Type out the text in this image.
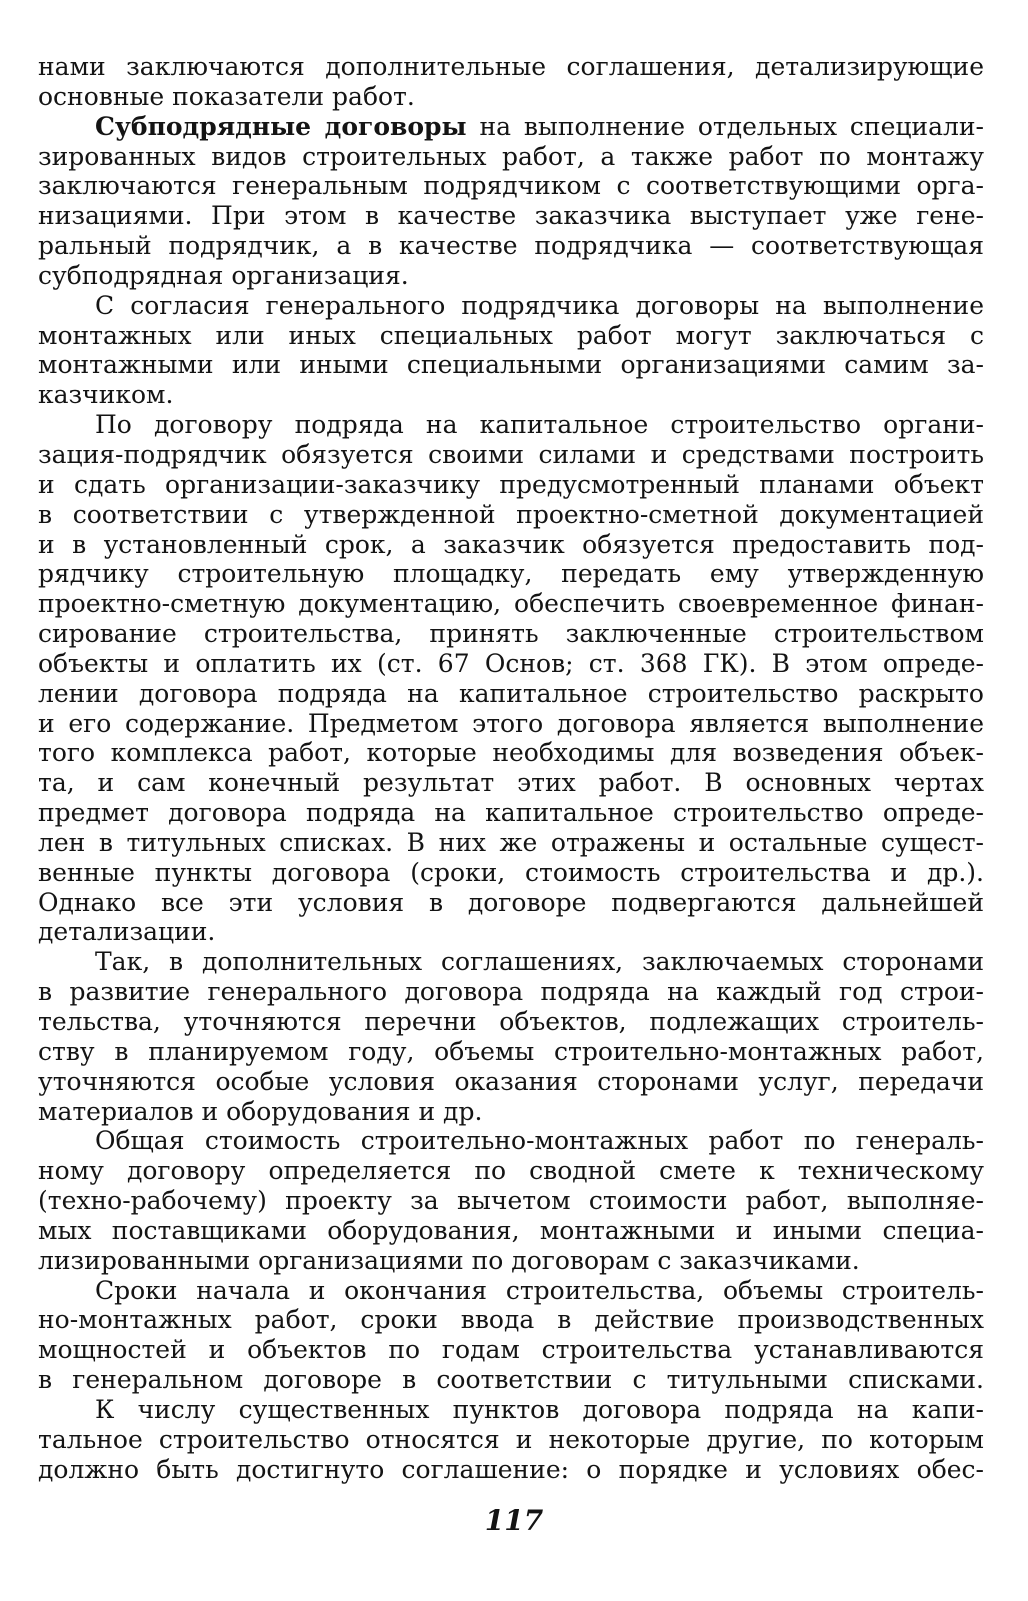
нами заключаются дополнительные соглашения, детализирующие
основные показатели работ.
Субподрядные договоры на выполнение отдельных специали-
зированных видов строительных работ, а также работ по монтажу
заключаются генеральным подрядчиком с соответствующими орга-
низациями. При этом в качестве заказчика выступает уже гене-
ральный подрядчик, а в качестве подрядчика — соответствующая
субподрядная организация.
С согласия генерального подрядчика договоры на выполнение
монтажных или иных специальных работ могут заключаться с
монтажными или иными специальными организациями самим за-
казчиком.
По договору подряда на капитальное строительство органи-
зация-подрядчик обязуется своими силами и средствами построить
и сдать организации-заказчику предусмотренный планами объект
в соответствии с утвержденной проектно-сметной документацией
и в установленный срок, а заказчик обязуется предоставить под-
рядчику строительную площадку, передать ему утвержденную
проектно-сметную документацию, обеспечить своевременное финан-
сирование строительства, принять заключенные строительством
объекты и оплатить их (ст. 67 Основ; ст. 368 ГК). В этом опреде-
лении договора подряда на капитальное строительство раскрыто
и его содержание. Предметом этого договора является выполнение
того комплекса работ, которые необходимы для возведения объек-
та, и сам конечный результат этих работ. В основных чертах
предмет договора подряда на капитальное строительство опреде-
лен в титульных списках. В них же отражены и остальные сущест-
венные пункты договора (сроки, стоимость строительства и др.).
Однако все эти условия в договоре подвергаются дальнейшей
детализации.
Так, в дополнительных соглашениях, заключаемых сторонами
в развитие генерального договора подряда на каждый год строи-
тельства, уточняются перечни объектов, подлежащих строитель-
ству в планируемом году, объемы строительно-монтажных работ,
уточняются особые условия оказания сторонами услуг, передачи
материалов и оборудования и др.
Общая стоимость строительно-монтажных работ по генераль-
ному договору определяется по сводной смете к техническому
(техно-рабочему) проекту за вычетом стоимости работ, выполняе-
мых поставщиками оборудования, монтажными и иными специа-
лизированными организациями по договорам с заказчиками.
Сроки начала и окончания строительства, объемы строитель-
но-монтажных работ, сроки ввода в действие производственных
мощностей и объектов по годам строительства устанавливаются
в генеральном договоре в соответствии с титульными списками.
К числу существенных пунктов договора подряда на капи-
тальное строительство относятся и некоторые другие, по которым
должно быть достигнуто соглашение: о порядке и условиях обес-
117
